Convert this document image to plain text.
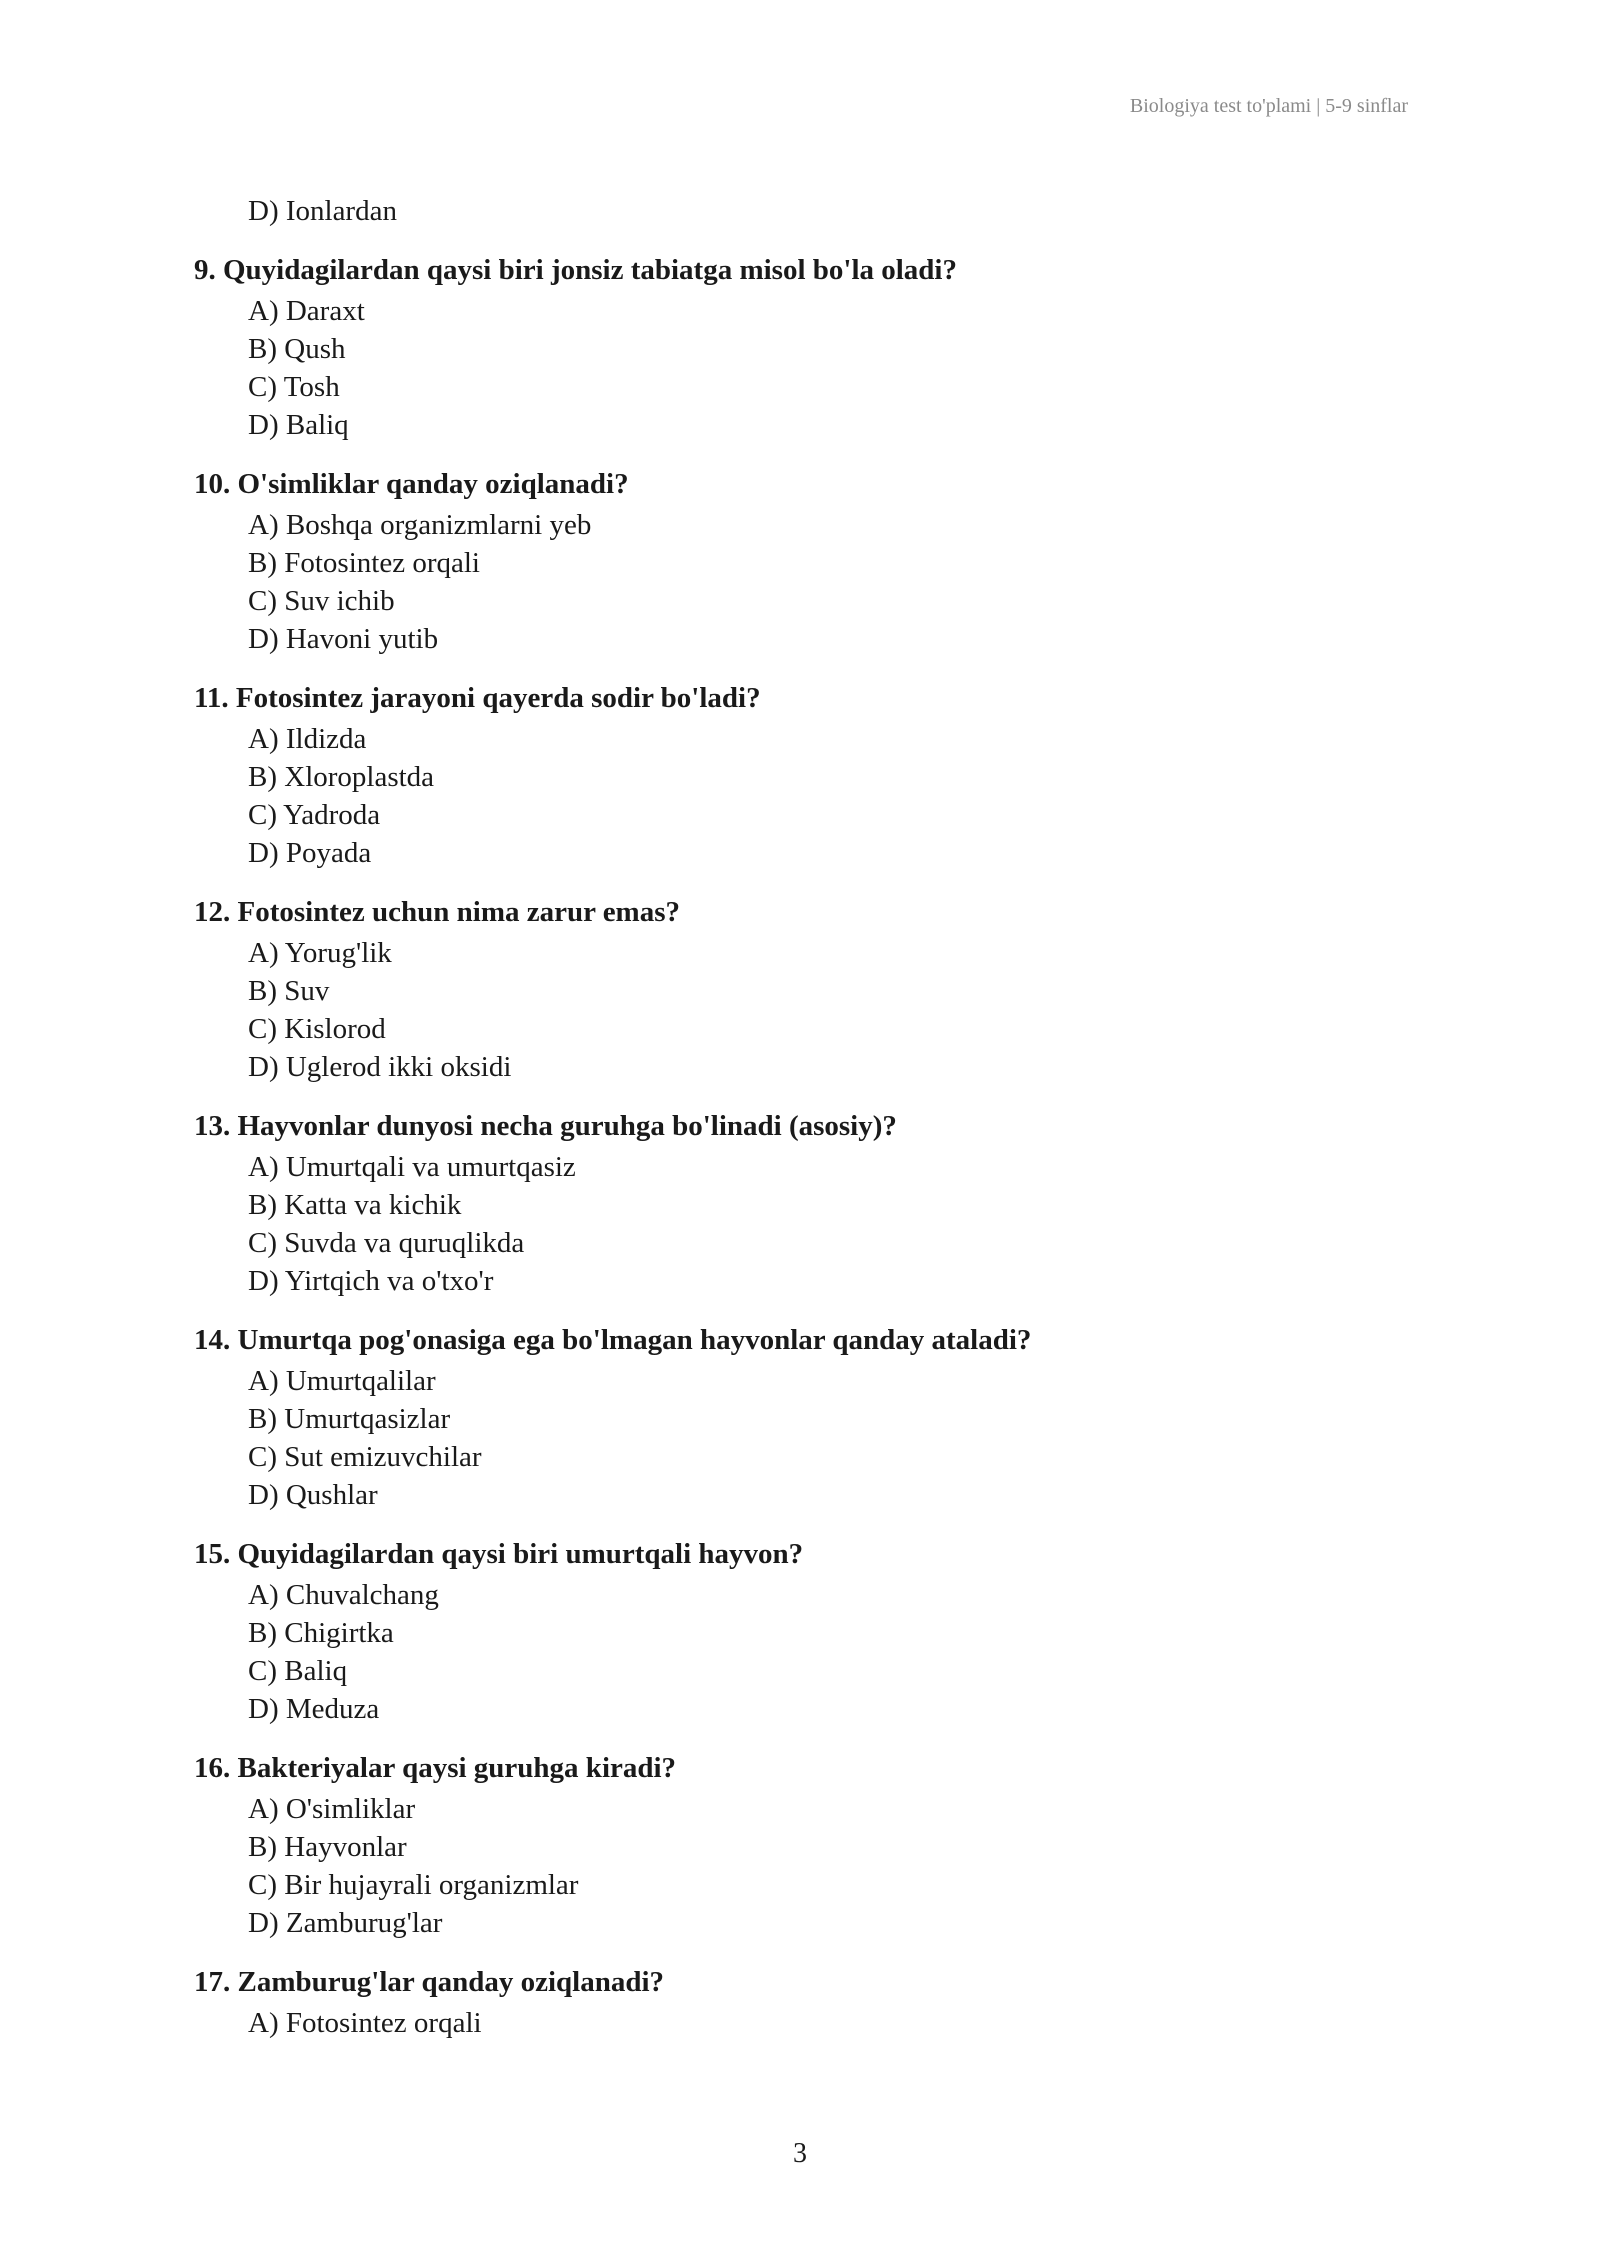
Biologiya test to'plami | 5-9 sinflar
D) Ionlardan
9. Quyidagilardan qaysi biri jonsiz tabiatga misol bo'la oladi?
A) Daraxt
B) Qush
C) Tosh
D) Baliq
10. O'simliklar qanday oziqlanadi?
A) Boshqa organizmlarni yeb
B) Fotosintez orqali
C) Suv ichib
D) Havoni yutib
11. Fotosintez jarayoni qayerda sodir bo'ladi?
A) Ildizda
B) Xloroplastda
C) Yadroda
D) Poyada
12. Fotosintez uchun nima zarur emas?
A) Yorug'lik
B) Suv
C) Kislorod
D) Uglerod ikki oksidi
13. Hayvonlar dunyosi necha guruhga bo'linadi (asosiy)?
A) Umurtqali va umurtqasiz
B) Katta va kichik
C) Suvda va quruqlikda
D) Yirtqich va o'txo'r
14. Umurtqa pog'onasiga ega bo'lmagan hayvonlar qanday ataladi?
A) Umurtqalilar
B) Umurtqasizlar
C) Sut emizuvchilar
D) Qushlar
15. Quyidagilardan qaysi biri umurtqali hayvon?
A) Chuvalchang
B) Chigirtka
C) Baliq
D) Meduza
16. Bakteriyalar qaysi guruhga kiradi?
A) O'simliklar
B) Hayvonlar
C) Bir hujayrali organizmlar
D) Zamburug'lar
17. Zamburug'lar qanday oziqlanadi?
A) Fotosintez orqali
3
